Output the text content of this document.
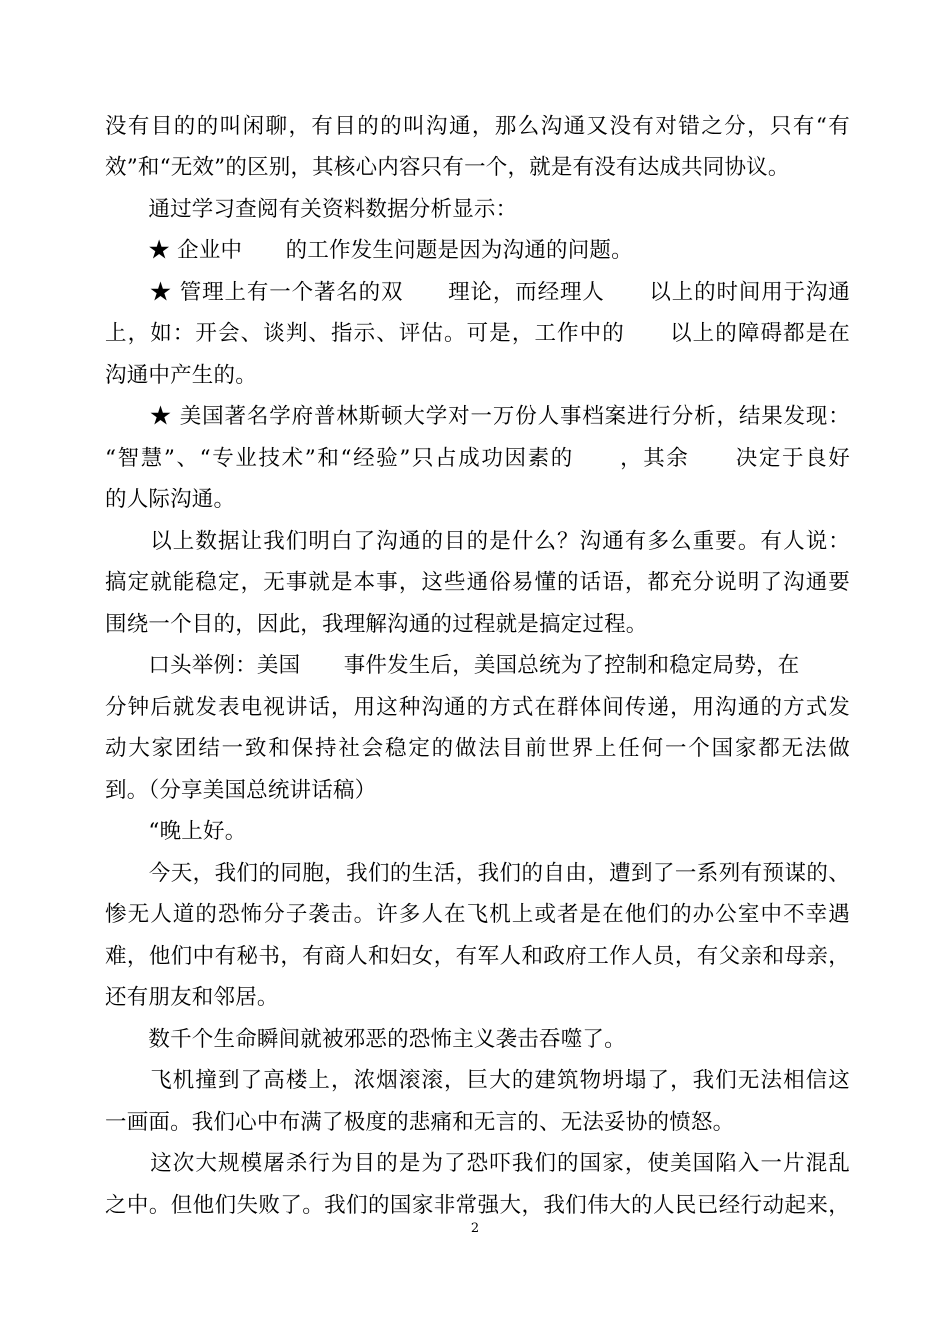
没有目的的叫闲聊，有目的的叫沟通，那么沟通又没有对错之分，只有“有
效”和“无效”的区别，其核心内容只有一个，就是有没有达成共同协议。
　　通过学习查阅有关资料数据分析显示：
　　★ 企业中　　的工作发生问题是因为沟通的问题。
　　★ 管理上有一个著名的双　　理论，而经理人　　以上的时间用于沟通
上，如：开会、谈判、指示、评估。可是，工作中的　　以上的障碍都是在
沟通中产生的。
　　★ 美国著名学府普林斯顿大学对一万份人事档案进行分析，结果发现：
“智慧”、“专业技术”和“经验”只占成功因素的　　，其余　　决定于良好
的人际沟通。
　　以上数据让我们明白了沟通的目的是什么？沟通有多么重要。有人说：
搞定就能稳定，无事就是本事，这些通俗易懂的话语，都充分说明了沟通要
围绕一个目的，因此，我理解沟通的过程就是搞定过程。
　　口头举例：美国　　事件发生后，美国总统为了控制和稳定局势，在
分钟后就发表电视讲话，用这种沟通的方式在群体间传递，用沟通的方式发
动大家团结一致和保持社会稳定的做法目前世界上任何一个国家都无法做
到。（分享美国总统讲话稿）
　　“晚上好。
　　今天，我们的同胞，我们的生活，我们的自由，遭到了一系列有预谋的、
惨无人道的恐怖分子袭击。许多人在飞机上或者是在他们的办公室中不幸遇
难，他们中有秘书，有商人和妇女，有军人和政府工作人员，有父亲和母亲，
还有朋友和邻居。
　　数千个生命瞬间就被邪恶的恐怖主义袭击吞噬了。
　　飞机撞到了高楼上，浓烟滚滚，巨大的建筑物坍塌了，我们无法相信这
一画面。我们心中布满了极度的悲痛和无言的、无法妥协的愤怒。
　　这次大规模屠杀行为目的是为了恐吓我们的国家，使美国陷入一片混乱
之中。但他们失败了。我们的国家非常强大，我们伟大的人民已经行动起来，
2
